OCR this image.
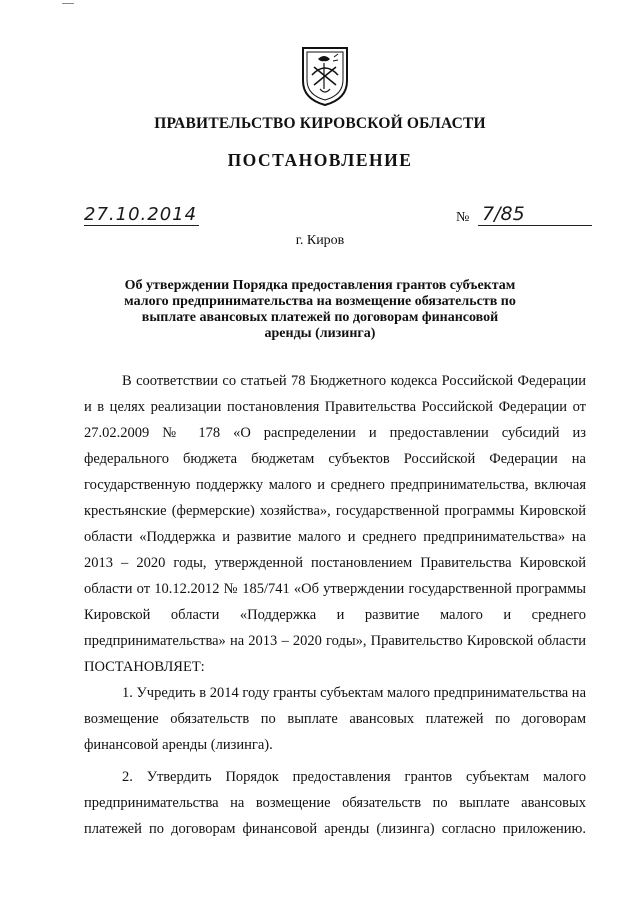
ПРАВИТЕЛЬСТВО КИРОВСКОЙ ОБЛАСТИ
ПОСТАНОВЛЕНИЕ
27.10.2014	№ 7/85
г. Киров
Об утверждении Порядка предоставления грантов субъектам малого предпринимательства на возмещение обязательств по выплате авансовых платежей по договорам финансовой аренды (лизинга)

В соответствии со статьей 78 Бюджетного кодекса Российской Федерации и в целях реализации постановления Правительства Российской Федерации от 27.02.2009 № 178 «О распределении и предоставлении субсидий из федерального бюджета бюджетам субъектов Российской Федерации на государственную поддержку малого и среднего предпринимательства, включая крестьянские (фермерские) хозяйства», государственной программы Кировской области «Поддержка и развитие малого и среднего предпринимательства» на 2013 – 2020 годы, утвержденной постановлением Правительства Кировской области от 10.12.2012 № 185/741 «Об утверждении государственной программы Кировской области «Поддержка и развитие малого и среднего предпринимательства» на 2013 – 2020 годы», Правительство Кировской области ПОСТАНОВЛЯЕТ:

1. Учредить в 2014 году гранты субъектам малого предпринимательства на возмещение обязательств по выплате авансовых платежей по договорам финансовой аренды (лизинга).

2. Утвердить Порядок предоставления грантов субъектам малого предпринимательства на возмещение обязательств по выплате авансовых платежей по договорам финансовой аренды (лизинга) согласно приложению.
